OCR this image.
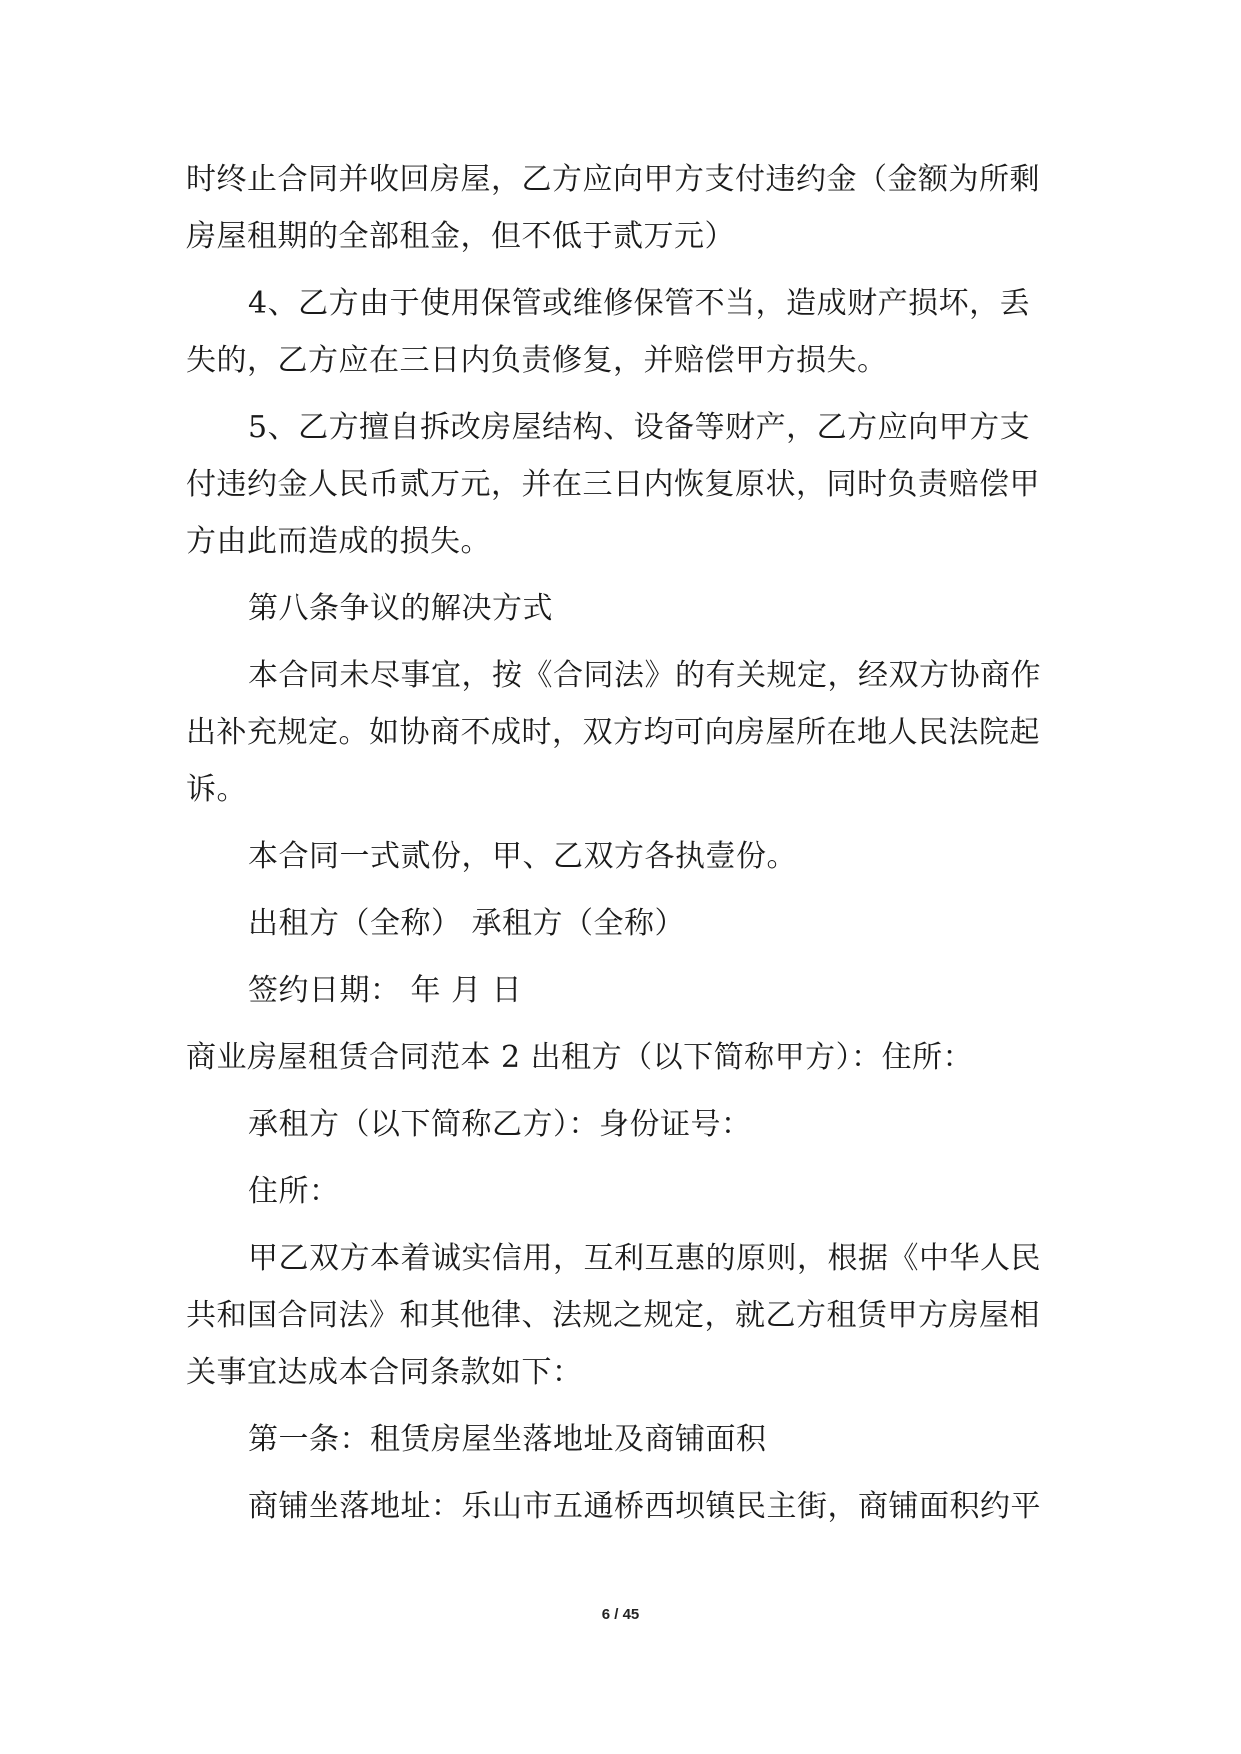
时终止合同并收回房屋，乙方应向甲方支付违约金（金额为所剩
房屋租期的全部租金，但不低于贰万元）
4、乙方由于使用保管或维修保管不当，造成财产损坏，丢
失的，乙方应在三日内负责修复，并赔偿甲方损失。
5、乙方擅自拆改房屋结构、设备等财产，乙方应向甲方支
付违约金人民币贰万元，并在三日内恢复原状，同时负责赔偿甲
方由此而造成的损失。
第八条争议的解决方式
本合同未尽事宜，按《合同法》的有关规定，经双方协商作
出补充规定。如协商不成时，双方均可向房屋所在地人民法院起
诉。
本合同一式贰份，甲、乙双方各执壹份。
出租方（全称） 承租方（全称）
签约日期： 年 月 日
商业房屋租赁合同范本 2 出租方（以下简称甲方）：住所：
承租方（以下简称乙方）：身份证号：
住所：
甲乙双方本着诚实信用，互利互惠的原则，根据《中华人民
共和国合同法》和其他律、法规之规定，就乙方租赁甲方房屋相
关事宜达成本合同条款如下：
第一条：租赁房屋坐落地址及商铺面积
商铺坐落地址：乐山市五通桥西坝镇民主街，商铺面积约平
6 / 45
